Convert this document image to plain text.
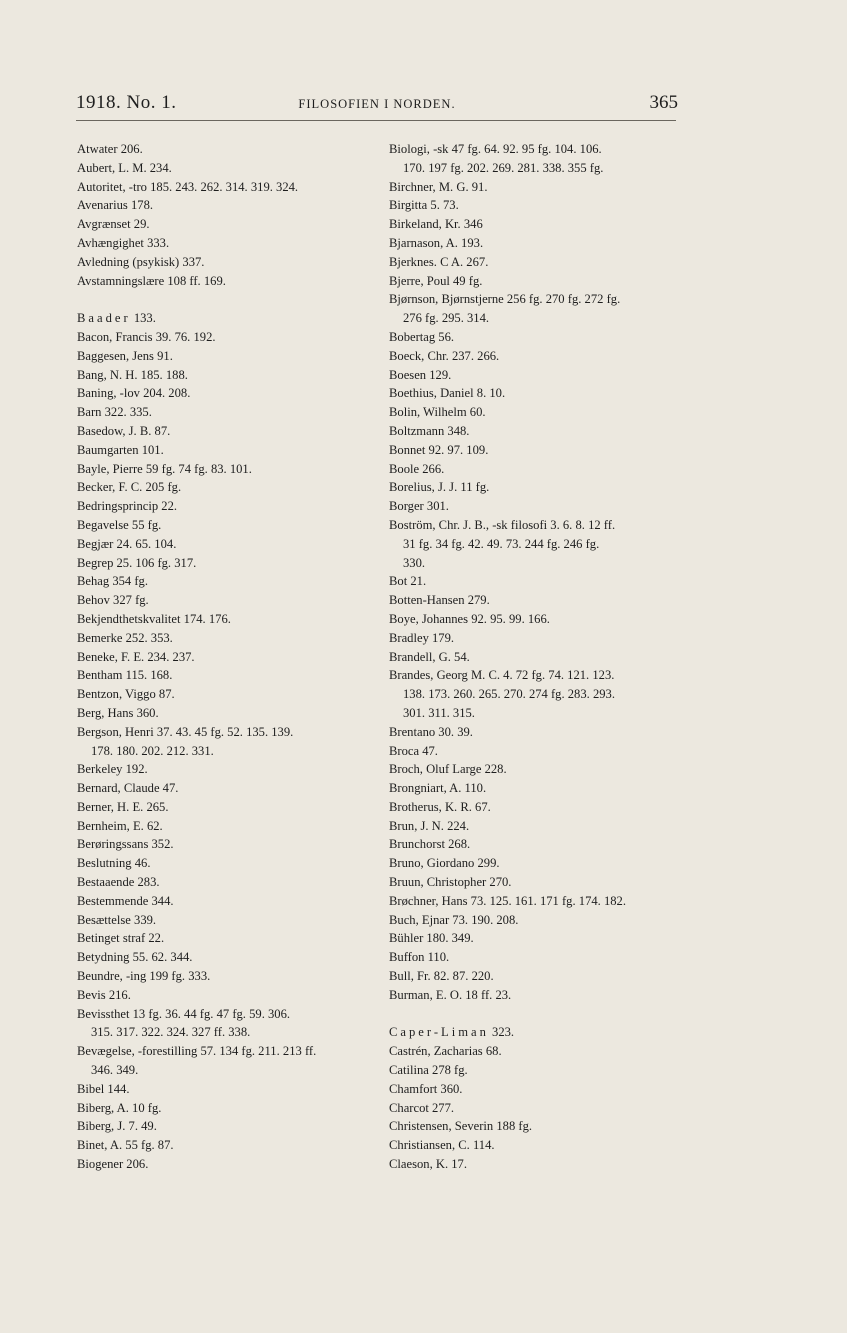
1918. No. 1.	FILOSOFIEN I NORDEN.	365
Atwater 206.
Aubert, L. M. 234.
Autoritet, -tro 185. 243. 262. 314. 319. 324.
Avenarius 178.
Avgrænset 29.
Avhængighet 333.
Avledning (psykisk) 337.
Avstamningslære 108 ff. 169.
Baader 133.
Bacon, Francis 39. 76. 192.
Baggesen, Jens 91.
Bang, N. H. 185. 188.
Baning, -lov 204. 208.
Barn 322. 335.
Basedow, J. B. 87.
Baumgarten 101.
Bayle, Pierre 59 fg. 74 fg. 83. 101.
Becker, F. C. 205 fg.
Bedringsprincip 22.
Begavelse 55 fg.
Begjær 24. 65. 104.
Begrep 25. 106 fg. 317.
Behag 354 fg.
Behov 327 fg.
Bekjendthetskvalitet 174. 176.
Bemerke 252. 353.
Beneke, F. E. 234. 237.
Bentham 115. 168.
Bentzon, Viggo 87.
Berg, Hans 360.
Bergson, Henri 37. 43. 45 fg. 52. 135. 139.
178. 180. 202. 212. 331.
Berkeley 192.
Bernard, Claude 47.
Berner, H. E. 265.
Bernheim, E. 62.
Berøringssans 352.
Beslutning 46.
Bestaaende 283.
Bestemmende 344.
Besættelse 339.
Betinget straf 22.
Betydning 55. 62. 344.
Beundre, -ing 199 fg. 333.
Bevis 216.
Bevissthet 13 fg. 36. 44 fg. 47 fg. 59. 306.
315. 317. 322. 324. 327 ff. 338.
Bevægelse, -forestilling 57. 134 fg. 211. 213 ff.
346. 349.
Bibel 144.
Biberg, A. 10 fg.
Biberg, J. 7. 49.
Binet, A. 55 fg. 87.
Biogener 206.
Biologi, -sk 47 fg. 64. 92. 95 fg. 104. 106.
170. 197 fg. 202. 269. 281. 338. 355 fg.
Birchner, M. G. 91.
Birgitta 5. 73.
Birkeland, Kr. 346
Bjarnason, A. 193.
Bjerknes. C A. 267.
Bjerre, Poul 49 fg.
Bjørnson, Bjørnstjerne 256 fg. 270 fg. 272 fg.
276 fg. 295. 314.
Bobertag 56.
Boeck, Chr. 237. 266.
Boesen 129.
Boethius, Daniel 8. 10.
Bolin, Wilhelm 60.
Boltzmann 348.
Bonnet 92. 97. 109.
Boole 266.
Borelius, J. J. 11 fg.
Borger 301.
Boström, Chr. J. B., -sk filosofi 3. 6. 8. 12 ff.
31 fg. 34 fg. 42. 49. 73. 244 fg. 246 fg.
330.
Bot 21.
Botten-Hansen 279.
Boye, Johannes 92. 95. 99. 166.
Bradley 179.
Brandell, G. 54.
Brandes, Georg M. C. 4. 72 fg. 74. 121. 123.
138. 173. 260. 265. 270. 274 fg. 283. 293.
301. 311. 315.
Brentano 30. 39.
Broca 47.
Broch, Oluf Large 228.
Brongniart, A. 110.
Brotherus, K. R. 67.
Brun, J. N. 224.
Brunchorst 268.
Bruno, Giordano 299.
Bruun, Christopher 270.
Brøchner, Hans 73. 125. 161. 171 fg. 174. 182.
Buch, Ejnar 73. 190. 208.
Bühler 180. 349.
Buffon 110.
Bull, Fr. 82. 87. 220.
Burman, E. O. 18 ff. 23.
Caper-Liman 323.
Castrén, Zacharias 68.
Catilina 278 fg.
Chamfort 360.
Charcot 277.
Christensen, Severin 188 fg.
Christiansen, C. 114.
Claeson, K. 17.
